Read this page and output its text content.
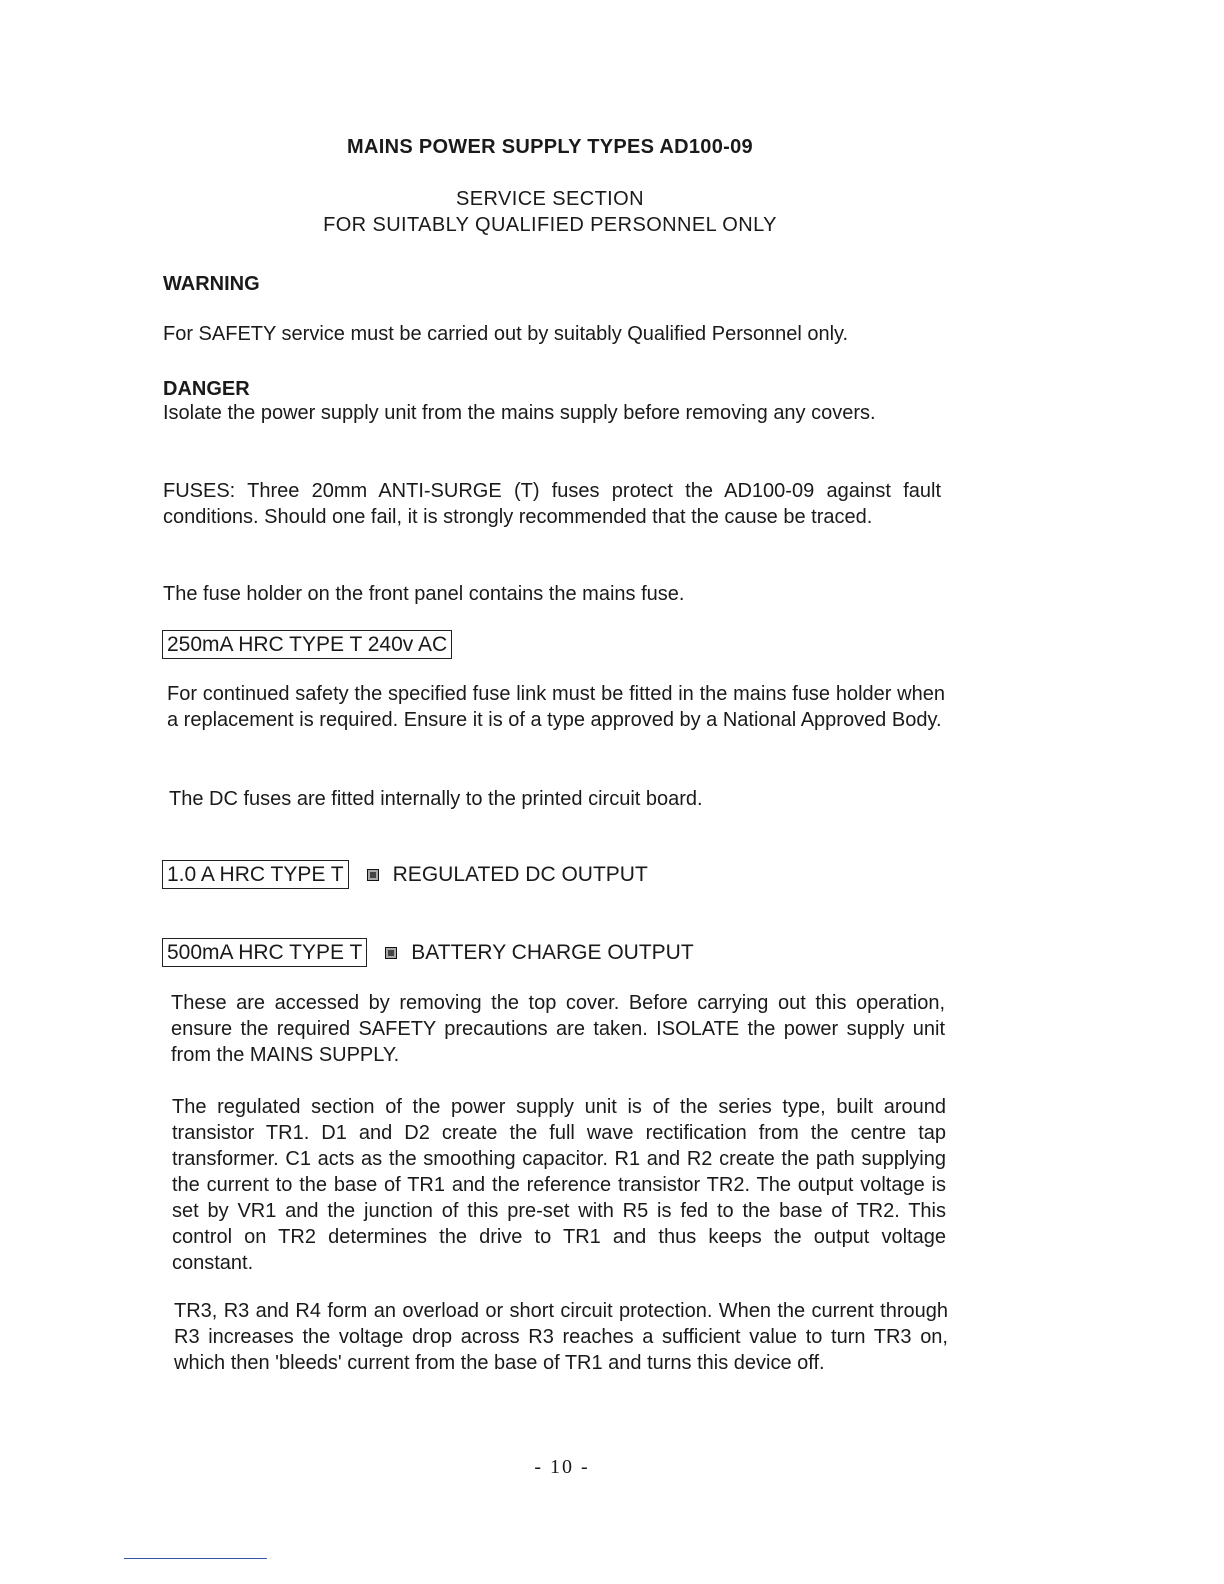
MAINS POWER SUPPLY TYPES AD100-09
SERVICE SECTION
FOR SUITABLY QUALIFIED PERSONNEL ONLY
WARNING
For SAFETY service must be carried out by suitably Qualified Personnel only.
DANGER
Isolate the power supply unit from the mains supply before removing any covers.
FUSES: Three 20mm ANTI-SURGE (T) fuses protect the AD100-09 against fault conditions. Should one fail, it is strongly recommended that the cause be traced.
The fuse holder on the front panel contains the mains fuse.
250mA HRC TYPE T 240v AC
For continued safety the specified fuse link must be fitted in the mains fuse holder when a replacement is required. Ensure it is of a type approved by a National Approved Body.
The DC fuses are fitted internally to the printed circuit board.
1.0 A HRC TYPE T REGULATED DC OUTPUT
500mA HRC TYPE T BATTERY CHARGE OUTPUT
These are accessed by removing the top cover. Before carrying out this operation, ensure the required SAFETY precautions are taken. ISOLATE the power supply unit from the MAINS SUPPLY.
The regulated section of the power supply unit is of the series type, built around transistor TR1. D1 and D2 create the full wave rectification from the centre tap transformer. C1 acts as the smoothing capacitor. R1 and R2 create the path supplying the current to the base of TR1 and the reference transistor TR2. The output voltage is set by VR1 and the junction of this pre-set with R5 is fed to the base of TR2. This control on TR2 determines the drive to TR1 and thus keeps the output voltage constant.
TR3, R3 and R4 form an overload or short circuit protection. When the current through R3 increases the voltage drop across R3 reaches a sufficient value to turn TR3 on, which then 'bleeds' current from the base of TR1 and turns this device off.
- 10 -
